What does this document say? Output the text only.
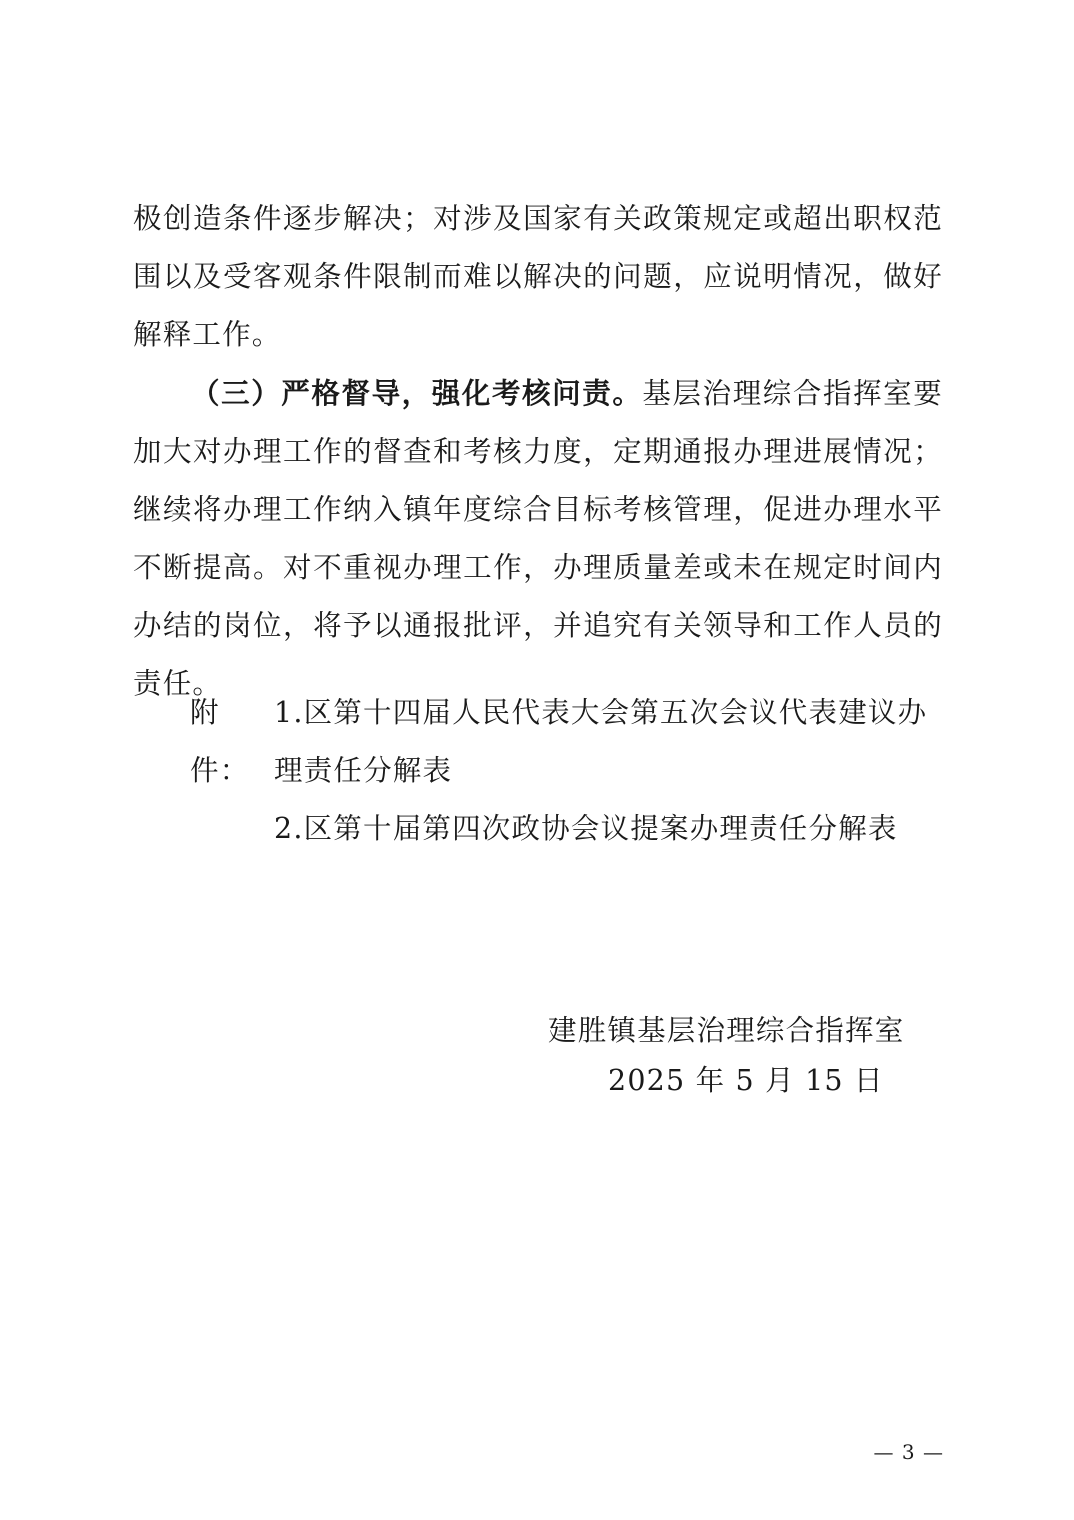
极创造条件逐步解决；对涉及国家有关政策规定或超出职权范围以及受客观条件限制而难以解决的问题，应说明情况，做好解释工作。

（三）严格督导，强化考核问责。基层治理综合指挥室要加大对办理工作的督查和考核力度，定期通报办理进展情况；继续将办理工作纳入镇年度综合目标考核管理，促进办理水平不断提高。对不重视办理工作，办理质量差或未在规定时间内办结的岗位，将予以通报批评，并追究有关领导和工作人员的责任。

附件：
1.区第十四届人民代表大会第五次会议代表建议办理责任分解表
2.区第十届第四次政协会议提案办理责任分解表
建胜镇基层治理综合指挥室
2025 年 5 月 15 日
— 3 —
